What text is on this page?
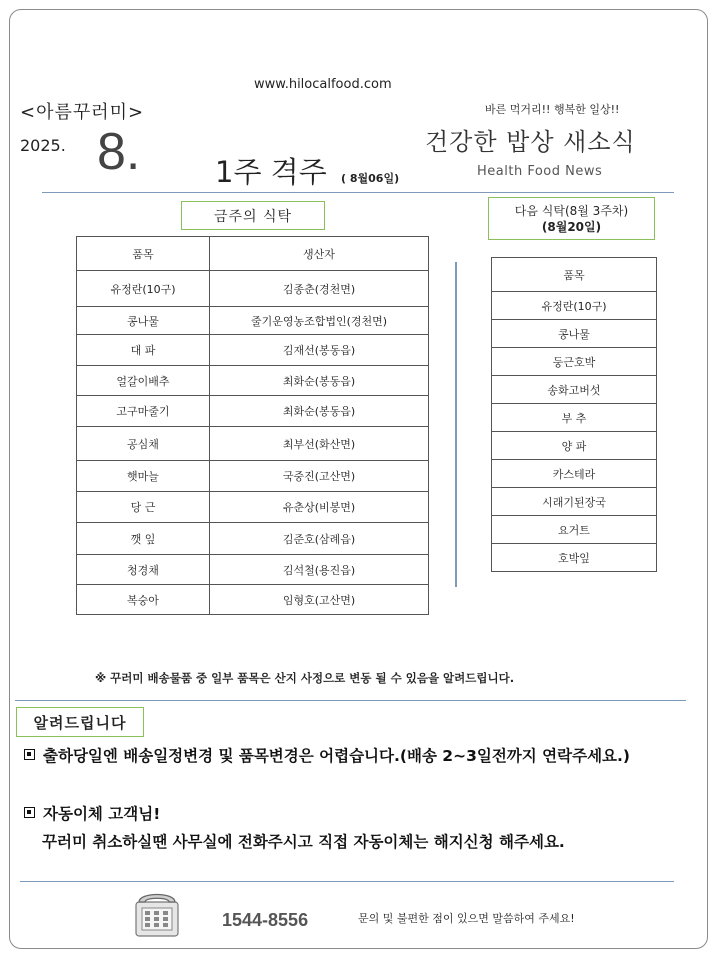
www.hilocalfood.com
<아름꾸러미>
2025. 8.	1주 격주 ( 8월06일)
바른 먹거리!! 행복한 일상!!
건강한 밥상 새소식
Health Food News
금주의 식탁	다음 식탁(8월 3주차)
(8월20일)
품목	생산자
유정란(10구)	김종춘(경천면)
콩나물	줄기운영농조합법인(경천면)
대 파	김재선(봉동읍)
얼갈이배추	최화순(봉동읍)
고구마줄기	최화순(봉동읍)
공심채	최부선(화산면)
햇마늘	국중진(고산면)
당 근	유춘상(비봉면)
깻 잎	김준호(삼례읍)
청경채	김석철(용진읍)
복숭아	임형호(고산면)
품목
유정란(10구)
콩나물
둥근호박
송화고버섯
부 추
양 파
카스테라
시래기된장국
요거트
호박잎
※ 꾸러미 배송물품 중 일부 품목은 산지 사정으로 변동 될 수 있음을 알려드립니다.
알려드립니다
출하당일엔 배송일정변경 및 품목변경은 어렵습니다.(배송 2~3일전까지 연락주세요.)
자동이체 고객님!
꾸러미 취소하실땐 사무실에 전화주시고 직접 자동이체는 해지신청 해주세요.
1544-8556	문의 및 불편한 점이 있으면 말씀하여 주세요!
